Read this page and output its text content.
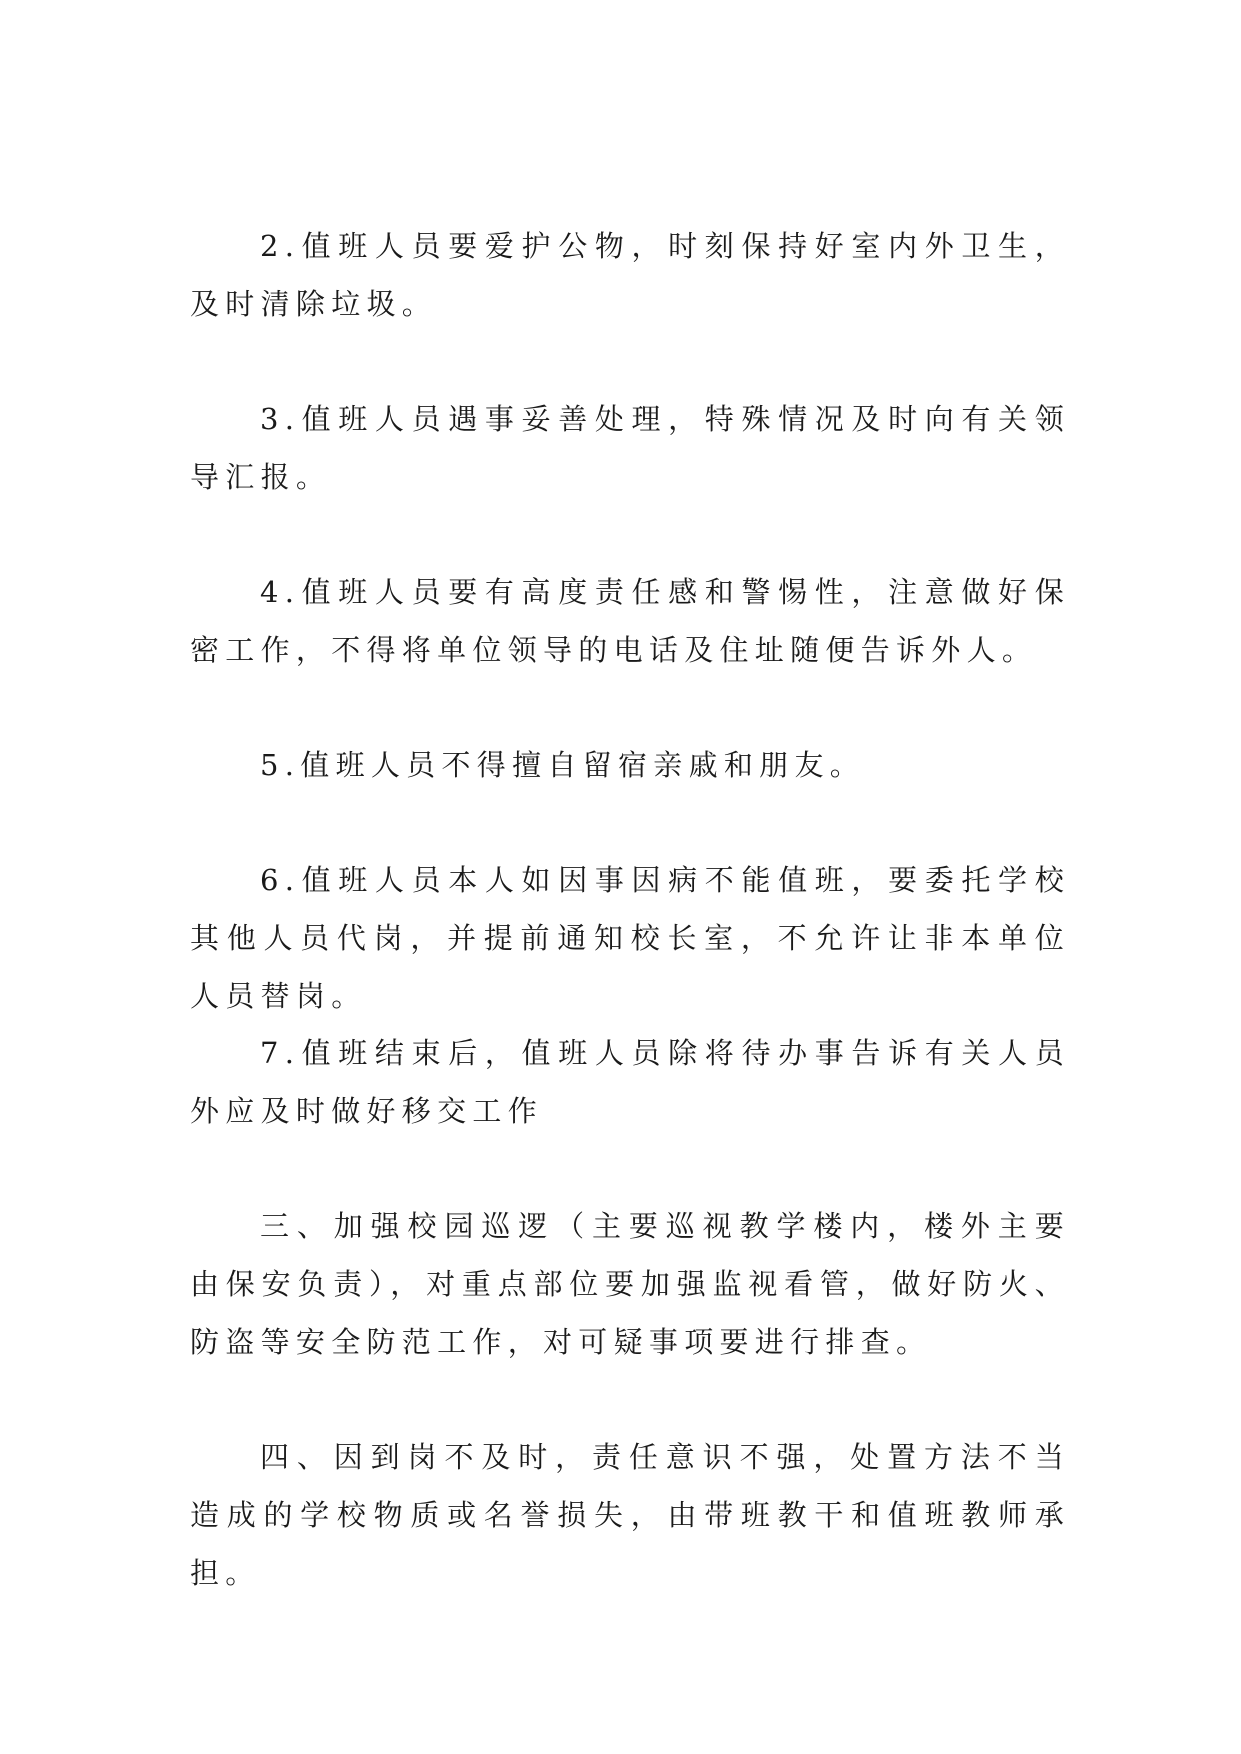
2.值班人员要爱护公物，时刻保持好室内外卫生，及时清除垃圾。

3.值班人员遇事妥善处理，特殊情况及时向有关领导汇报。

4.值班人员要有高度责任感和警惕性，注意做好保密工作，不得将单位领导的电话及住址随便告诉外人。

5.值班人员不得擅自留宿亲戚和朋友。

6.值班人员本人如因事因病不能值班，要委托学校其他人员代岗，并提前通知校长室，不允许让非本单位人员替岗。

7.值班结束后，值班人员除将待办事告诉有关人员外应及时做好移交工作

三、加强校园巡逻（主要巡视教学楼内，楼外主要由保安负责），对重点部位要加强监视看管，做好防火、防盗等安全防范工作，对可疑事项要进行排查。

四、因到岗不及时，责任意识不强，处置方法不当造成的学校物质或名誉损失，由带班教干和值班教师承担。
